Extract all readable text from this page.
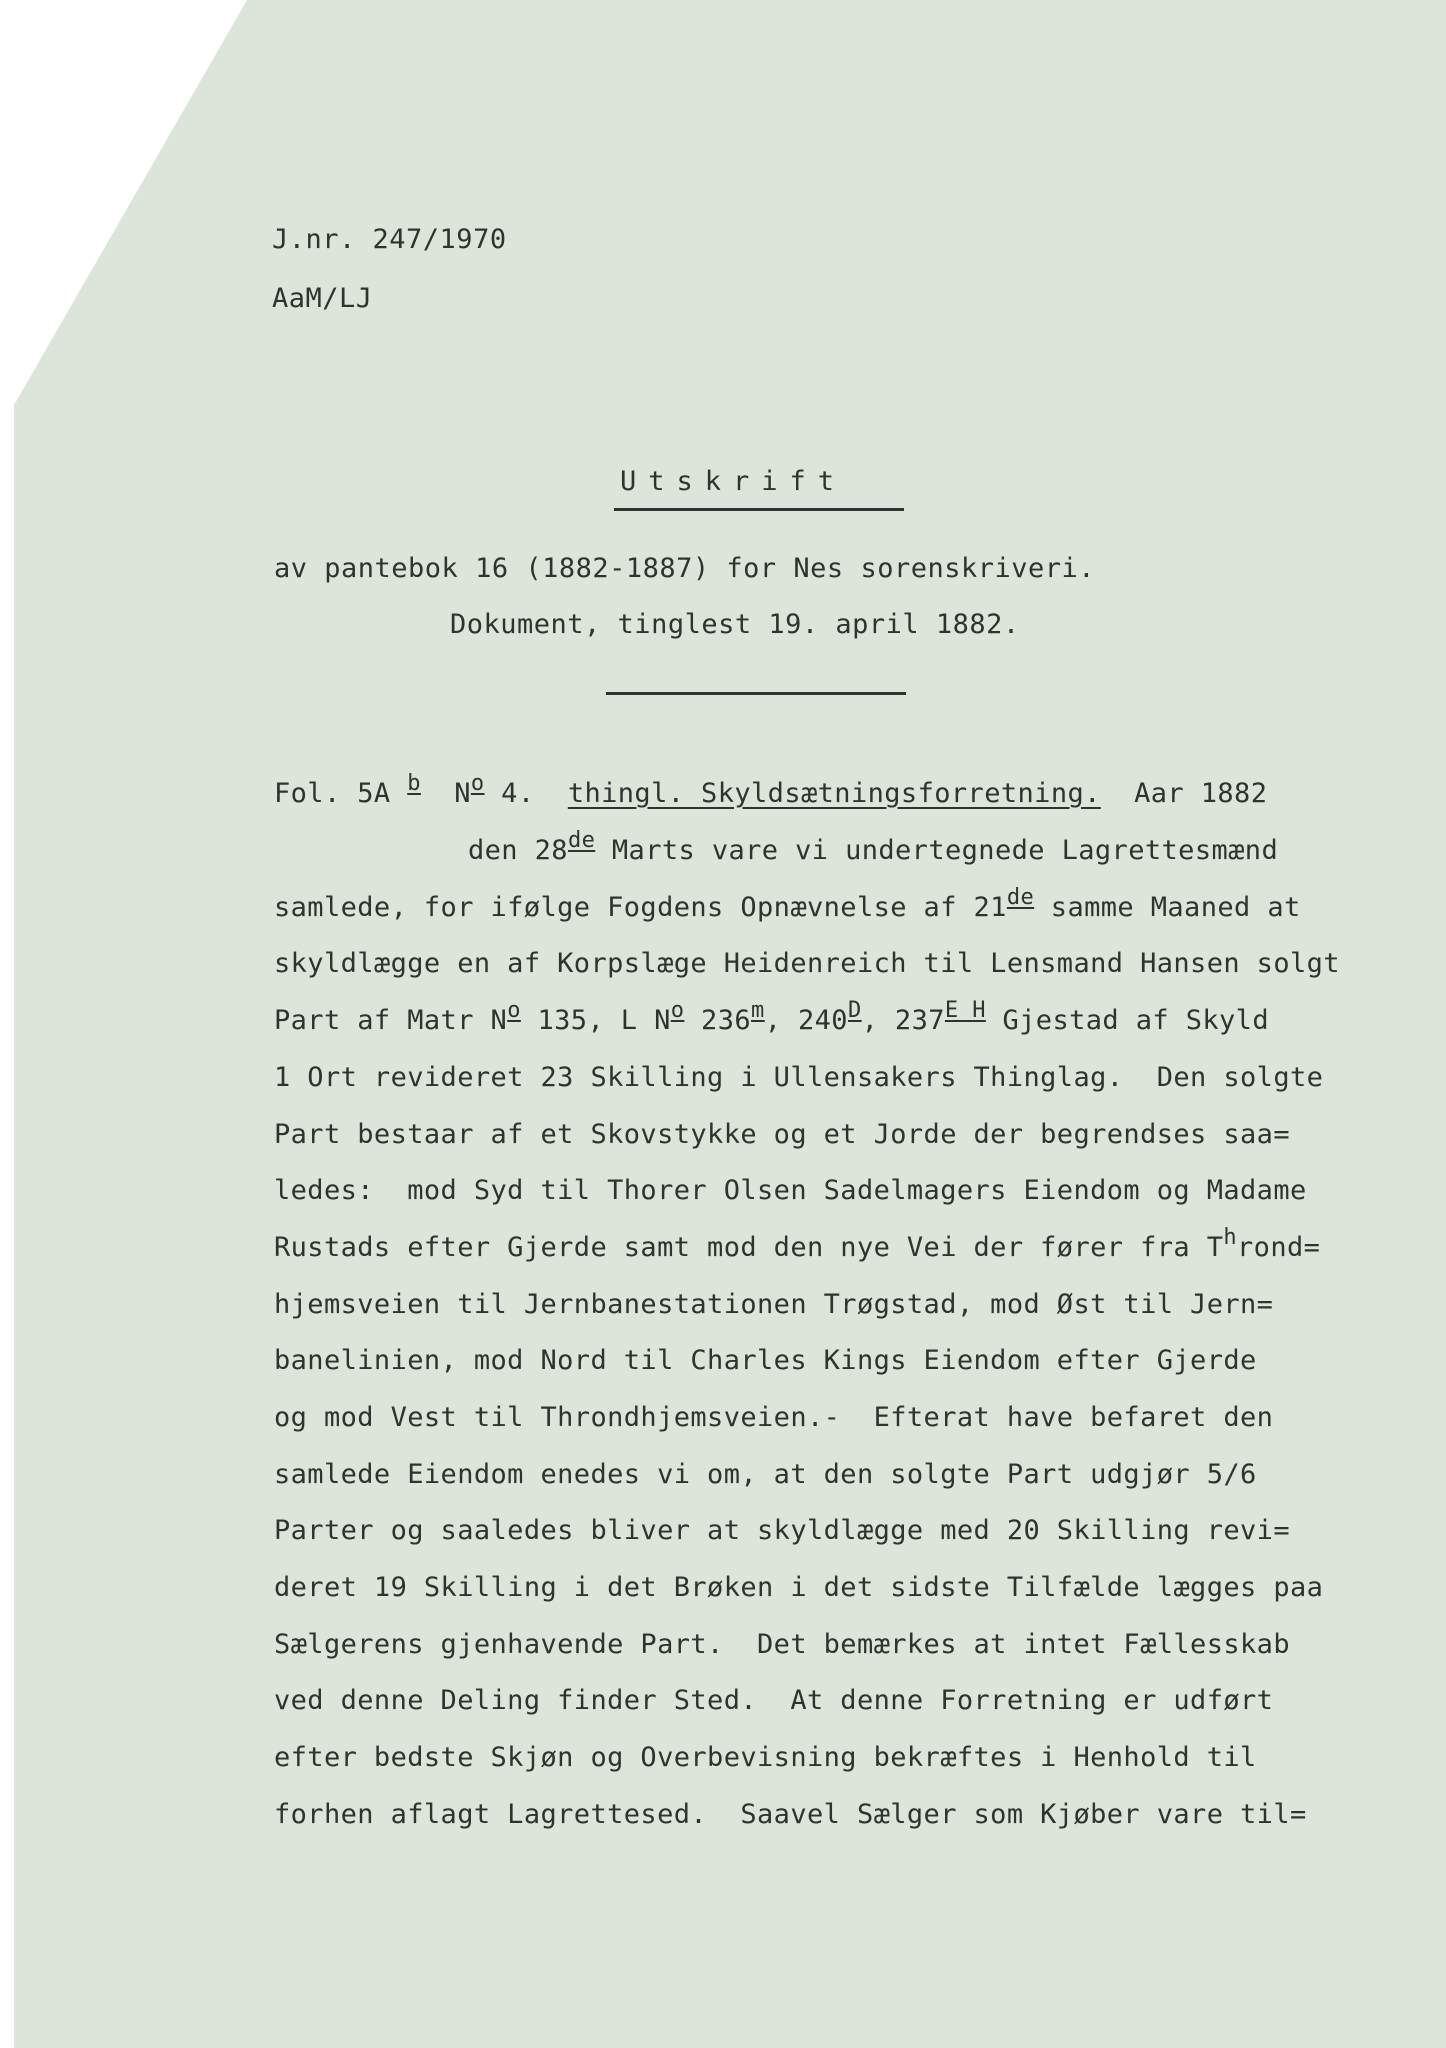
J.nr. 247/1970
AaM/LJ
Utskrift
av pantebok 16 (1882-1887) for Nes sorenskriveri.
Dokument, tinglest 19. april 1882.
Fol. 5A $^b$ $N^o$ 4. thingl. Skyldsætningsforretning.  Aar 1882
den 28de Marts vare vi undertegnede Lagrettesmænd
samlede, for ifølge Fogdens Opnævnelse af 21de samme Maaned at
skyldlægge en af Korpslæge Heidenreich til Lensmand Hansen solgt
Part af Matr $N^o$ 135, L $N^o$ 236$^m$, $240^D$, $237^{E H}$ Gjestad af Skyld
1 Ort revideret 23 Skilling i Ullensakers Thinglag.  Den solgte
Part bestaar af et Skovstykke og et Jorde der begrendses saa=
ledes:  mod Syd til Thorer Olsen Sadelmagers Eiendom og Madame
Rustads efter Gjerde samt mod den nye Vei der fører fra $T^hrond=$
hjemsveien til Jernbanestationen Trøgstad, mod Øst til Jern=
banelinien, mod Nord til Charles Kings Eiendom efter Gjerde
og mod Vest til Throndhjemsveien.-  Efterat have befaret den
samlede Eiendom enedes vi om, at den solgte Part udgjør 5/6
Parter og saaledes bliver at skyldlægge med 20 Skilling revi=
deret 19 Skilling i det Brøken i det sidste Tilfælde lægges paa
Sælgerens gjenhavende Part.  Det bemærkes at intet Fællesskab
ved denne Deling finder Sted.  At denne Forretning er udført
efter bedste Skjøn og Overbevisning bekræftes i Henhold til
forhen aflagt Lagrettesed.  Saavel Sælger som Kjøber vare til=
